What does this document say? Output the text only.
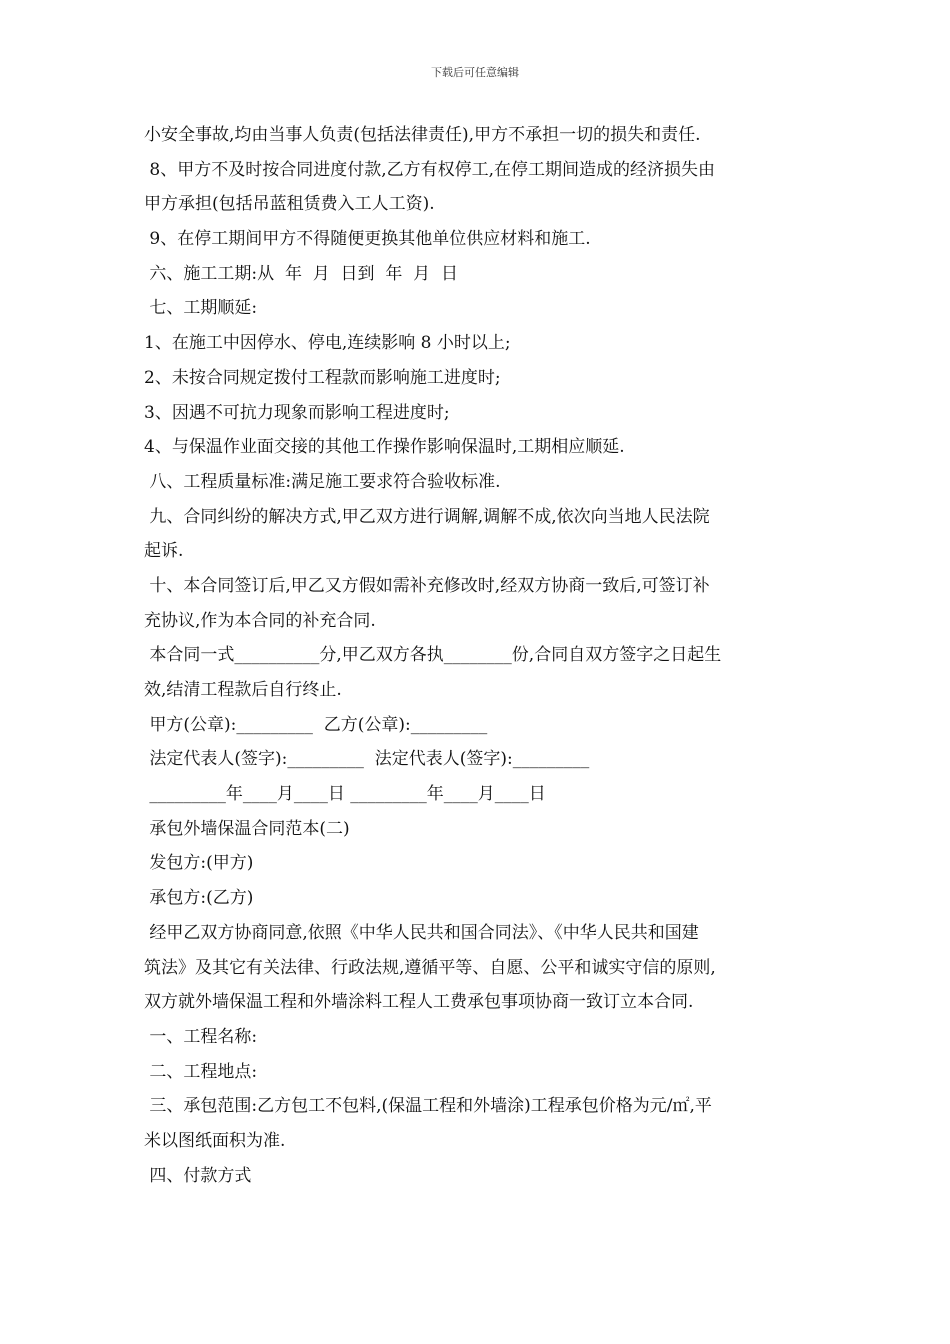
下载后可任意编辑
小安全事故,均由当事人负责(包括法律责任),甲方不承担一切的损失和责任.
8、甲方不及时按合同进度付款,乙方有权停工,在停工期间造成的经济损失由
甲方承担(包括吊蓝租赁费入工人工资).
9、在停工期间甲方不得随便更换其他单位供应材料和施工.
六、施工工期:从  年  月  日到  年  月  日
七、工期顺延:
1、在施工中因停水、停电,连续影响 8 小时以上;
2、未按合同规定拨付工程款而影响施工进度时;
3、因遇不可抗力现象而影响工程进度时;
4、与保温作业面交接的其他工作操作影响保温时,工期相应顺延.
八、工程质量标准:满足施工要求符合验收标准.
九、合同纠纷的解决方式,甲乙双方进行调解,调解不成,依次向当地人民法院
起诉.
十、本合同签订后,甲乙又方假如需补充修改时,经双方协商一致后,可签订补
充协议,作为本合同的补充合同.
本合同一式__________分,甲乙双方各执________份,合同自双方签字之日起生
效,结清工程款后自行终止.
甲方(公章):_________  乙方(公章):_________
法定代表人(签字):_________  法定代表人(签字):_________
_________年____月____日 _________年____月____日
承包外墙保温合同范本(二)
发包方:(甲方)
承包方:(乙方)
经甲乙双方协商同意,依照《中华人民共和国合同法》、《中华人民共和国建
筑法》及其它有关法律、行政法规,遵循平等、自愿、公平和诚实守信的原则,
双方就外墙保温工程和外墙涂料工程人工费承包事项协商一致订立本合同.
一、工程名称:
二、工程地点:
三、承包范围:乙方包工不包料,(保温工程和外墙涂)工程承包价格为元/㎡,平
米以图纸面积为准.
四、付款方式
